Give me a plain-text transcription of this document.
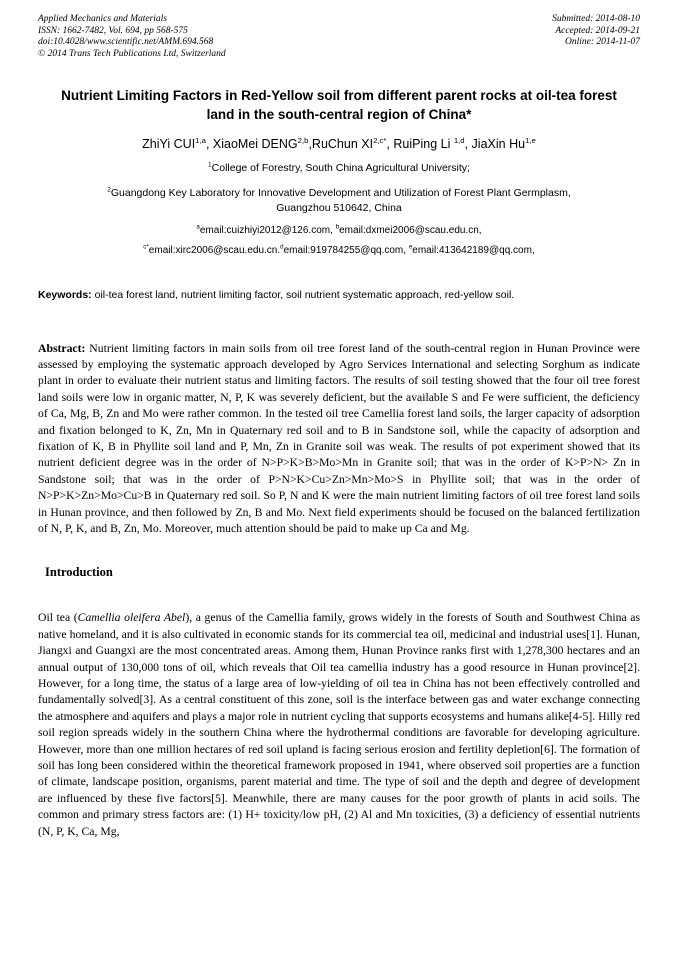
Applied Mechanics and Materials
ISSN: 1662-7482, Vol. 694, pp 568-575
doi:10.4028/www.scientific.net/AMM.694.568
© 2014 Trans Tech Publications Ltd, Switzerland
Submitted: 2014-08-10
Accepted: 2014-09-21
Online: 2014-11-07
Nutrient Limiting Factors in Red-Yellow soil from different parent rocks at oil-tea forest land in the south-central region of China*
ZhiYi CUI$^{1,a}$, XiaoMei DENG$^{2,b}$,RuChun $XI^{2,c*}$, RuiPing Li $^{1,d}$, JiaXin Hu$^{1,e}$
$^1$College of Forestry, South China Agricultural University;
$^2$Guangdong Key Laboratory for Innovative Development and Utilization of Forest Plant Germplasm, Guangzhou 510642, China
$^a$email:cuizhiyi2012@126.com, $^b$email:dxmei2006@scau.edu.cn,
$^{c*}$email:xirc2006@scau.edu.cn.$^d$email:919784255@qq.com, $^e$email:413642189@qq.com,

Keywords: oil-tea forest land, nutrient limiting factor, soil nutrient systematic approach, red-yellow soil.

Abstract: Nutrient limiting factors in main soils from oil tree forest land of the south-central region in Hunan Province were assessed by employing the systematic approach developed by Agro Services International and selecting Sorghum as indicate plant in order to evaluate their nutrient status and limiting factors. The results of soil testing showed that the four oil tree forest land soils were low in organic matter, N, P, K was severely deficient, but the available S and Fe were sufficient, the deficiency of Ca, Mg, B, Zn and Mo were rather common. In the tested oil tree Camellia forest land soils, the larger capacity of adsorption and fixation belonged to K, Zn, Mn in Quaternary red soil and to B in Sandstone soil, while the capacity of adsorption and fixation of K, B in Phyllite soil land and P, Mn, Zn in Granite soil was weak. The results of pot experiment showed that its nutrient deficient degree was in the order of N>P>K>B>Mo>Mn in Granite soil; that was in the order of K>P>N> Zn in Sandstone soil; that was in the order of P>N>K>Cu>Zn>Mn>Mo>S in Phyllite soil; that was in the order of N>P>K>Zn>Mo>Cu>B in Quaternary red soil. So P, N and K were the main nutrient limiting factors of oil tree forest land soils in Hunan province, and then followed by Zn, B and Mo. Next field experiments should be focused on the balanced fertilization of N, P, K, and B, Zn, Mo. Moreover, much attention should be paid to make up Ca and Mg.

Introduction

Oil tea (Camellia oleifera Abel), a genus of the Camellia family, grows widely in the forests of South and Southwest China as native homeland, and it is also cultivated in economic stands for its commercial tea oil, medicinal and industrial uses[1]. Hunan, Jiangxi and Guangxi are the most concentrated areas. Among them, Hunan Province ranks first with 1,278,300 hectares and an annual output of 130,000 tons of oil, which reveals that Oil tea camellia industry has a good resource in Hunan province[2]. However, for a long time, the status of a large area of low-yielding of oil tea in China has not been effectively controlled and fundamentally solved[3]. As a central constituent of this zone, soil is the interface between gas and water exchange connecting the atmosphere and aquifers and plays a major role in nutrient cycling that supports ecosystems and humans alike[4-5]. Hilly red soil region spreads widely in the southern China where the hydrothermal conditions are favorable for developing agriculture. However, more than one million hectares of red soil upland is facing serious erosion and fertility depletion[6]. The formation of soil has long been considered within the theoretical framework proposed in 1941, where observed soil properties are a function of climate, landscape position, organisms, parent material and time. The type of soil and the depth and degree of development are influenced by these five factors[5]. Meanwhile, there are many causes for the poor growth of plants in acid soils. The common and primary stress factors are: (1) H+ toxicity/low pH, (2) Al and Mn toxicities, (3) a deficiency of essential nutrients (N, P, K, Ca, Mg,
